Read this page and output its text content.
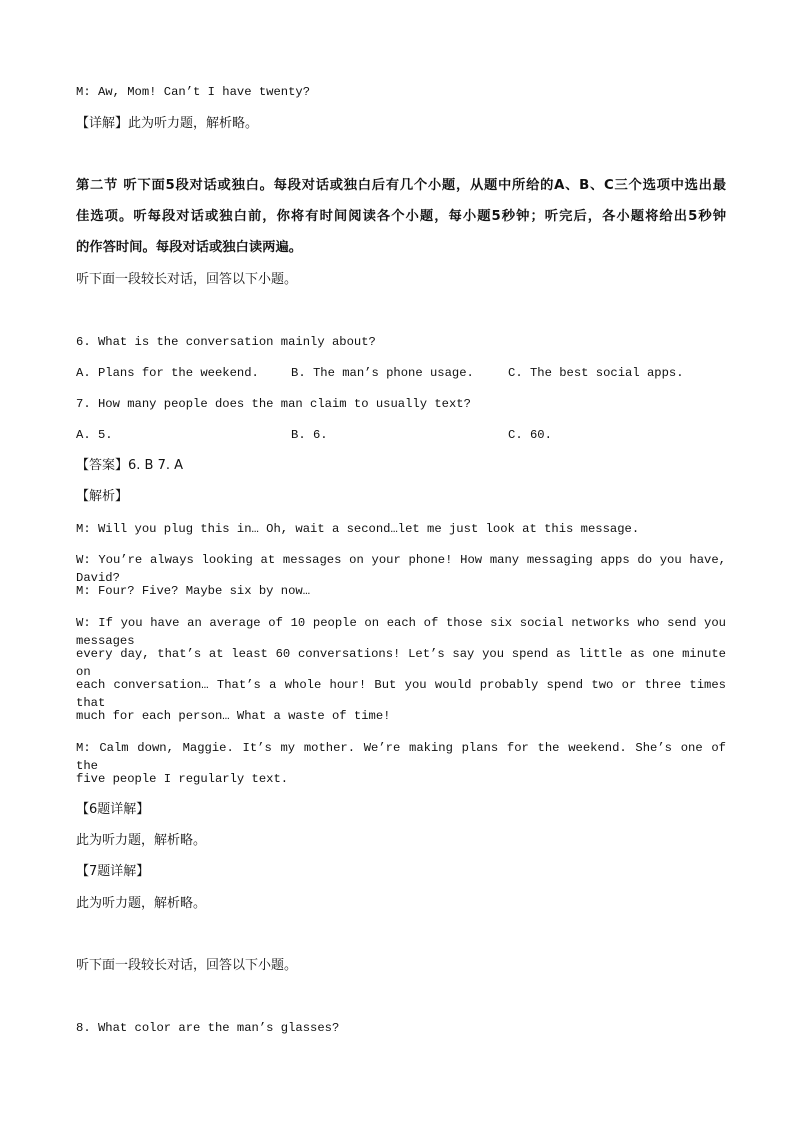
M: Aw, Mom! Can’t I have twenty?
【详解】此为听力题，解析略。
第二节 听下面5段对话或独白。每段对话或独白后有几个小题，从题中所给的A、B、C三个选项中选出最
佳选项。听每段对话或独白前，你将有时间阅读各个小题，每小题5秒钟；听完后，各小题将给出5秒钟
的作答时间。每段对话或独白读两遍。
听下面一段较长对话，回答以下小题。
6. What is the conversation mainly about?
A. Plans for the weekend.	B. The man’s phone usage.	C. The best social apps.
7. How many people does the man claim to usually text?
A. 5.	B. 6.	C. 60.
【答案】6. B 7. A
【解析】
M: Will you plug this in… Oh, wait a second…let me just look at this message.
W: You’re always looking at messages on your phone! How many messaging apps do you have, David?
M: Four? Five? Maybe six by now…
W: If you have an average of 10 people on each of those six social networks who send you messages
every day, that’s at least 60 conversations! Let’s say you spend as little as one minute on
each conversation… That’s a whole hour! But you would probably spend two or three times that
much for each person… What a waste of time!
M: Calm down, Maggie. It’s my mother. We’re making plans for the weekend. She’s one of the
five people I regularly text.
【6题详解】
此为听力题，解析略。
【7题详解】
此为听力题，解析略。
听下面一段较长对话，回答以下小题。
8. What color are the man’s glasses?
